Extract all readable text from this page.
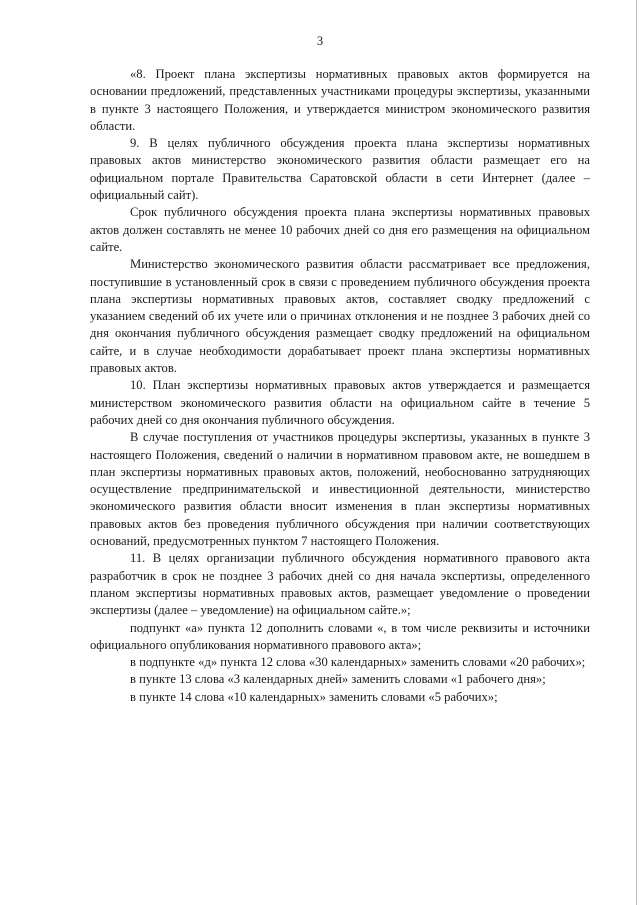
3

«8. Проект плана экспертизы нормативных правовых актов формируется на основании предложений, представленных участниками процедуры экспертизы, указанными в пункте 3 настоящего Положения, и утверждается министром экономического развития области.

9. В целях публичного обсуждения проекта плана экспертизы нормативных правовых актов министерство экономического развития области размещает его на официальном портале Правительства Саратовской области в сети Интернет (далее – официальный сайт).

Срок публичного обсуждения проекта плана экспертизы нормативных правовых актов должен составлять не менее 10 рабочих дней со дня его размещения на официальном сайте.

Министерство экономического развития области рассматривает все предложения, поступившие в установленный срок в связи с проведением публичного обсуждения проекта плана экспертизы нормативных правовых актов, составляет сводку предложений с указанием сведений об их учете или о причинах отклонения и не позднее 3 рабочих дней со дня окончания публичного обсуждения размещает сводку предложений на официальном сайте, и в случае необходимости дорабатывает проект плана экспертизы нормативных правовых актов.

10. План экспертизы нормативных правовых актов утверждается и размещается министерством экономического развития области на официальном сайте в течение 5 рабочих дней со дня окончания публичного обсуждения.

В случае поступления от участников процедуры экспертизы, указанных в пункте 3 настоящего Положения, сведений о наличии в нормативном правовом акте, не вошедшем в план экспертизы нормативных правовых актов, положений, необоснованно затрудняющих осуществление предпринимательской и инвестиционной деятельности, министерство экономического развития области вносит изменения в план экспертизы нормативных правовых актов без проведения публичного обсуждения при наличии соответствующих оснований, предусмотренных пунктом 7 настоящего Положения.

11. В целях организации публичного обсуждения нормативного правового акта разработчик в срок не позднее 3 рабочих дней со дня начала экспертизы, определенного планом экспертизы нормативных правовых актов, размещает уведомление о проведении экспертизы (далее – уведомление) на официальном сайте.»;

подпункт «а» пункта 12 дополнить словами «, в том числе реквизиты и источники официального опубликования нормативного правового акта»;

в подпункте «д» пункта 12 слова «30 календарных» заменить словами «20 рабочих»;

в пункте 13 слова «3 календарных дней» заменить словами «1 рабочего дня»;

в пункте 14 слова «10 календарных» заменить словами «5 рабочих»;
